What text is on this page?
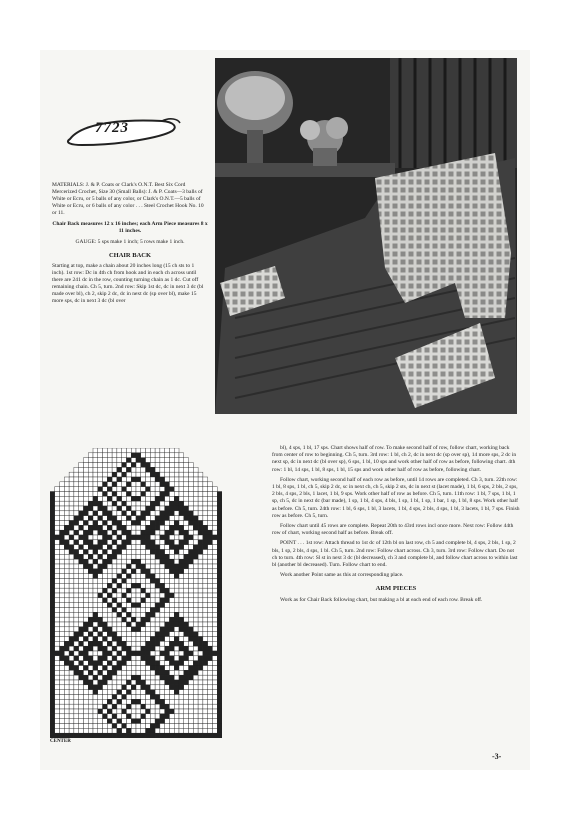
7723

MATERIALS: J. & P. Coats or Clark's O.N.T. Best Six Cord Mercerized Crochet, Size 30 (Small Balls): J. & P. Coats—3 balls of White or Ecru, or 5 balls of any color, or Clark's O.N.T.—5 balls of White or Ecru, or 6 balls of any color . . . Steel Crochet Hook No. 10 or 11.

Chair Back measures 12 x 16 inches; each Arm Piece measures 8 x 11 inches.

GAUGE: 5 sps make 1 inch; 5 rows make 1 inch.

CHAIR BACK

Starting at top, make a chain about 20 inches long (15 ch sts to 1 inch). 1st row: Dc in 4th ch from hook and in each ch across until there are 241 dc in the row, counting turning chain as 1 dc. Cut off remaining chain. Ch 5, turn. 2nd row: Skip 1st dc, dc in next 3 dc (bl made over bl), ch 2, skip 2 dc, dc in next dc (sp over bl), make 15 more sps, dc in next 3 dc (bl over

CENTER

bl), 4 sps, 1 bl, 17 sps. Chart shows half of row. To make second half of row, follow chart, working back from center of row to beginning. Ch 5, turn. 3rd row: 1 bl, ch 2, dc in next dc (sp over sp), 14 more sps, 2 dc in next sp, dc in next dc (bl over sp), 6 sps, 1 bl, 10 sps and work other half of row as before, following chart. 4th row: 1 bl, 14 sps, 1 bl, 8 sps, 1 bl, 15 sps and work other half of row as before, following chart.

Follow chart, working second half of each row as before, until 14 rows are completed. Ch 3, turn. 22th row: 1 bl, 8 sps, 1 bl, ch 5, skip 2 dc, sc in next ch, ch 5, skip 2 sts, dc in next st (lacet made), 1 bl, 6 sps, 2 bls, 2 sps, 2 bls, 4 sps, 2 bls, 1 lacet, 1 bl, 9 sps. Work other half of row as before. Ch 5, turn. 11th row: 1 bl, 7 sps, 1 bl, 1 sp, ch 5, dc in next dc (bar made), 1 sp, 1 bl, 4 sps, 4 bls, 1 sp, 1 bl, 1 sp, 1 bar, 1 sp, 1 bl, 8 sps. Work other half as before. Ch 5, turn. 24th row: 1 bl, 6 sps, 1 bl, 3 lacets, 1 bl, 4 sps, 2 bls, 4 sps, 1 bl, 3 lacets, 1 bl, 7 sps. Finish row as before. Ch 5, turn.

Follow chart until 45 rows are complete. Repeat 20th to 43rd rows incl once more. Next row: Follow 44th row of chart, working second half as before. Break off.

POINT . . . 1st row: Attach thread to 1st dc of 12th bl on last row, ch 5 and complete bl, 4 sps, 2 bls, 1 sp, 2 bls, 1 sp, 2 bls, 4 sps, 1 bl. Ch 5, turn. 2nd row: Follow chart across. Ch 3, turn. 3rd row: Follow chart. Do not ch to turn. 4th row: Sl st in next 3 dc (bl decreased), ch 3 and complete bl, and follow chart across to within last bl (another bl decreased). Turn. Follow chart to end.

Work another Point same as this at corresponding place.

ARM PIECES

Work as for Chair Back following chart, but making a bl at each end of each row. Break off.

-3-
